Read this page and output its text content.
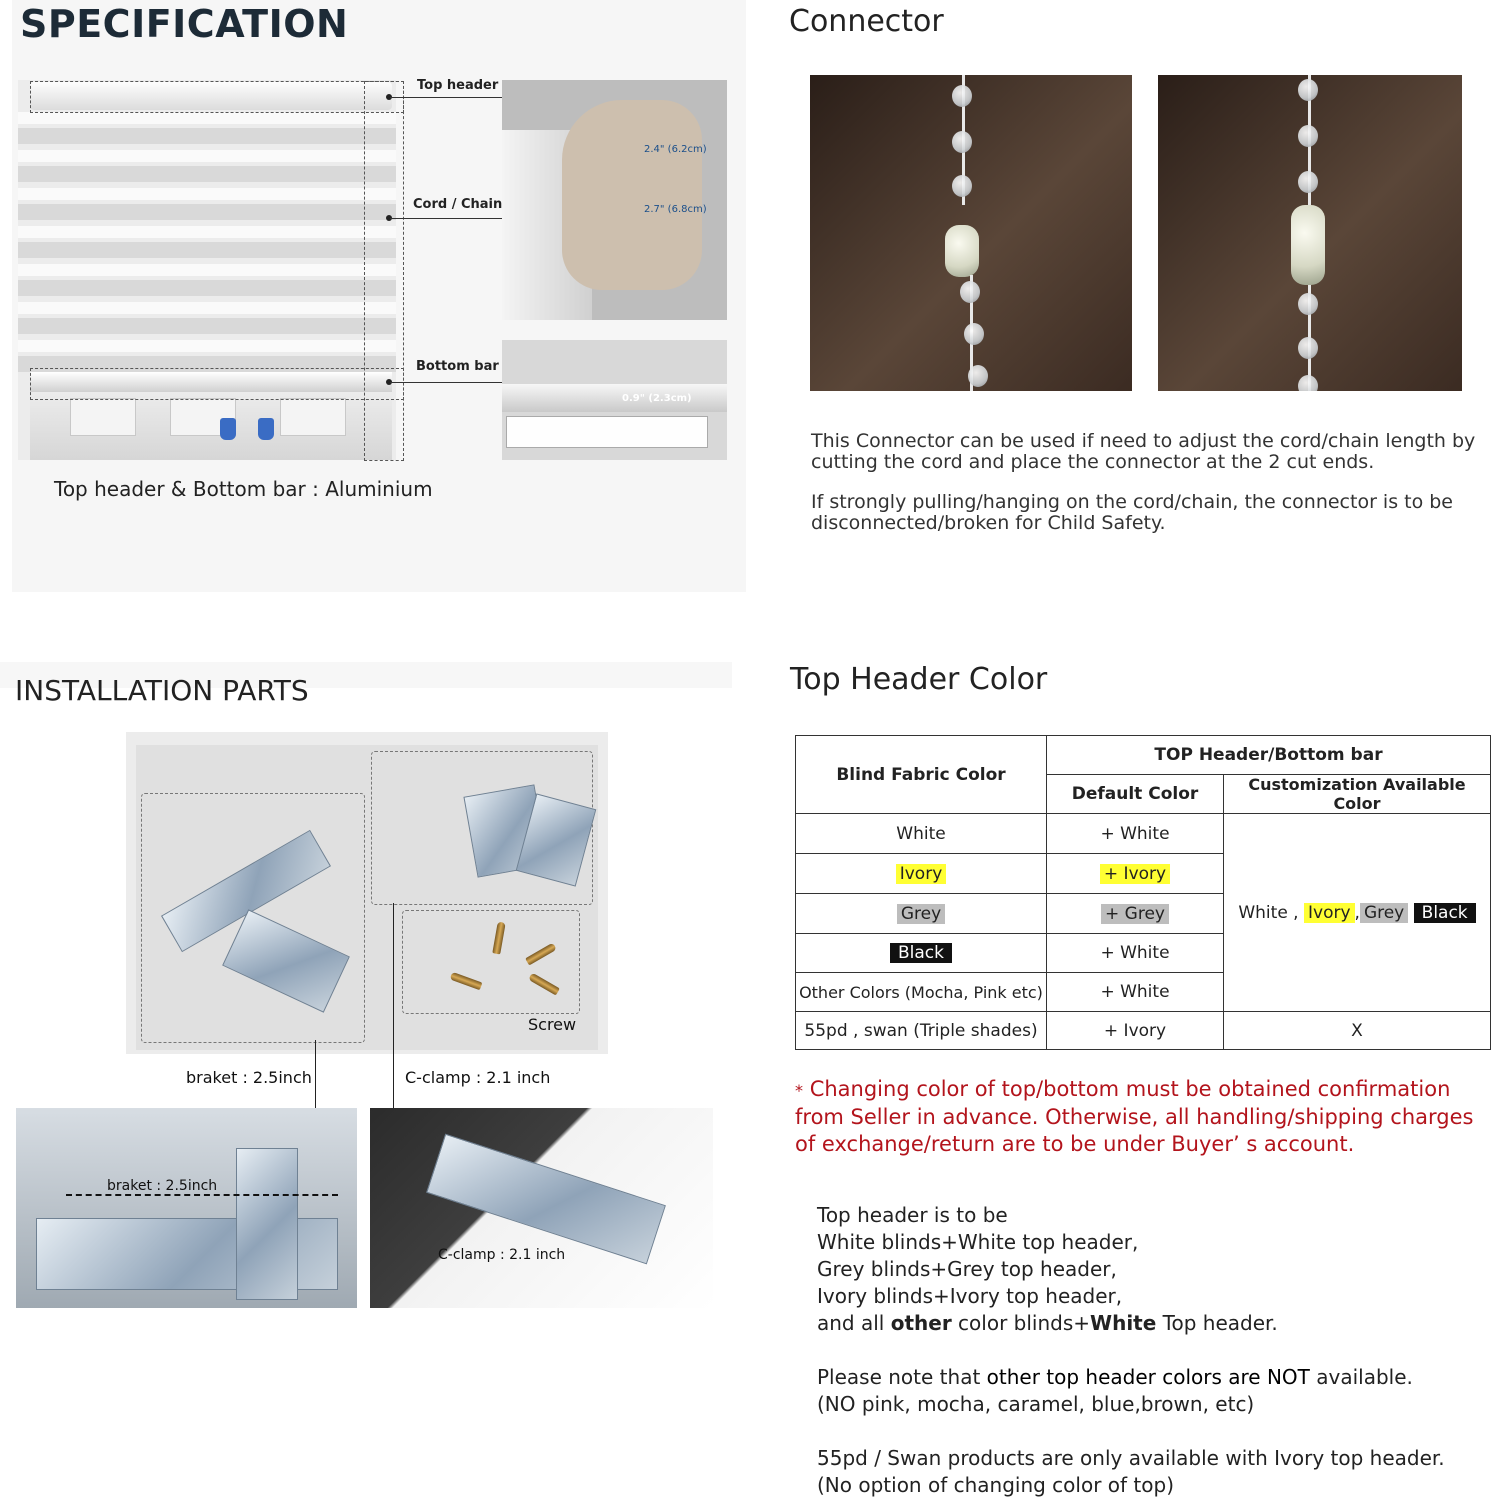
SPECIFICATION
Top header
Cord / Chain
Bottom bar
2.4" (6.2cm)
2.7" (6.8cm)
0.9" (2.3cm)
Top header & Bottom bar : Aluminium
Connector
This Connector can be used if need to adjust the cord/chain length by cutting the cord and place the connector at the 2 cut ends.
If strongly pulling/hanging on the cord/chain, the connector is to be disconnected/broken for Child Safety.
INSTALLATION PARTS
Screw
braket : 2.5inch	C-clamp : 2.1 inch
braket : 2.5inch
C-clamp : 2.1 inch
Top Header Color
Blind Fabric Color	TOP Header/Bottom bar	
	Default Color	Customization Available Color
White	+ White	White , Ivory , Grey Black
Ivory	+ Ivory	
Grey	+ Grey	
Black	+ White	
Other Colors (Mocha, Pink etc)	+ White	
55pd , swan (Triple shades)	+ Ivory	X
* Changing color of top/bottom must be obtained confirmation from Seller in advance. Otherwise, all handling/shipping charges of exchange/return are to be under Buyer’ s account.
Top header is to be
White blinds+White top header,
Grey blinds+Grey top header,
Ivory blinds+Ivory top header,
and all other color blinds+White Top header.
Please note that other top header colors are NOT available.
(NO pink, mocha, caramel, blue,brown, etc)
55pd / Swan products are only available with Ivory top header.
(No option of changing color of top)
